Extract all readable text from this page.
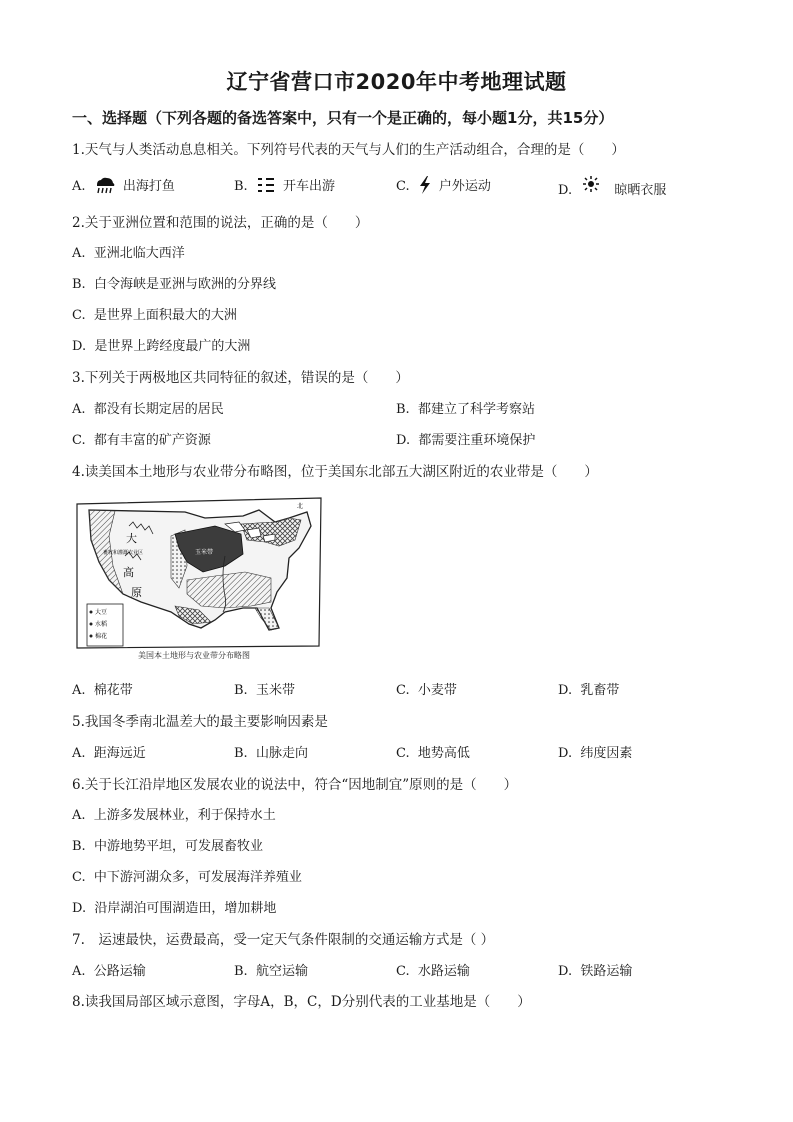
辽宁省营口市2020年中考地理试题
一、选择题（下列各题的备选答案中，只有一个是正确的，每小题1分，共15分）
1.天气与人类活动息息相关。下列符号代表的天气与人们的生产活动组合，合理的是（　　）
A.	出海打鱼	B.	开车出游	C. 户外运动	D.	晾晒衣服
2.关于亚洲位置和范围的说法，正确的是（　　）
A. 亚洲北临大西洋
B. 白令海峡是亚洲与欧洲的分界线
C. 是世界上面积最大的大洲
D. 是世界上跨经度最广的大洲
3.下列关于两极地区共同特征的叙述，错误的是（　　）
A. 都没有长期定居的居民	B. 都建立了科学考察站
C. 都有丰富的矿产资源	D. 都需要注重环境保护
4.读美国本土地形与农业带分布略图，位于美国东北部五大湖区附近的农业带是（　　）
大豆
水稻
棉花
大
高
原
畜牧和灌溉农业区	玉米带
北
美国本土地形与农业带分布略图
A. 棉花带	B. 玉米带	C. 小麦带	D. 乳畜带
5.我国冬季南北温差大的最主要影响因素是
A. 距海远近	B. 山脉走向	C. 地势高低	D. 纬度因素
6.关于长江沿岸地区发展农业的说法中，符合“因地制宜”原则的是（　　）
A. 上游多发展林业，利于保持水土
B. 中游地势平坦，可发展畜牧业
C. 中下游河湖众多，可发展海洋养殖业
D. 沿岸湖泊可围湖造田，增加耕地
7.　运速最快，运费最高，受一定天气条件限制的交通运输方式是（ ）
A. 公路运输	B. 航空运输	C. 水路运输	D. 铁路运输
8.读我国局部区域示意图，字母A，B，C，D分别代表的工业基地是（　　）
